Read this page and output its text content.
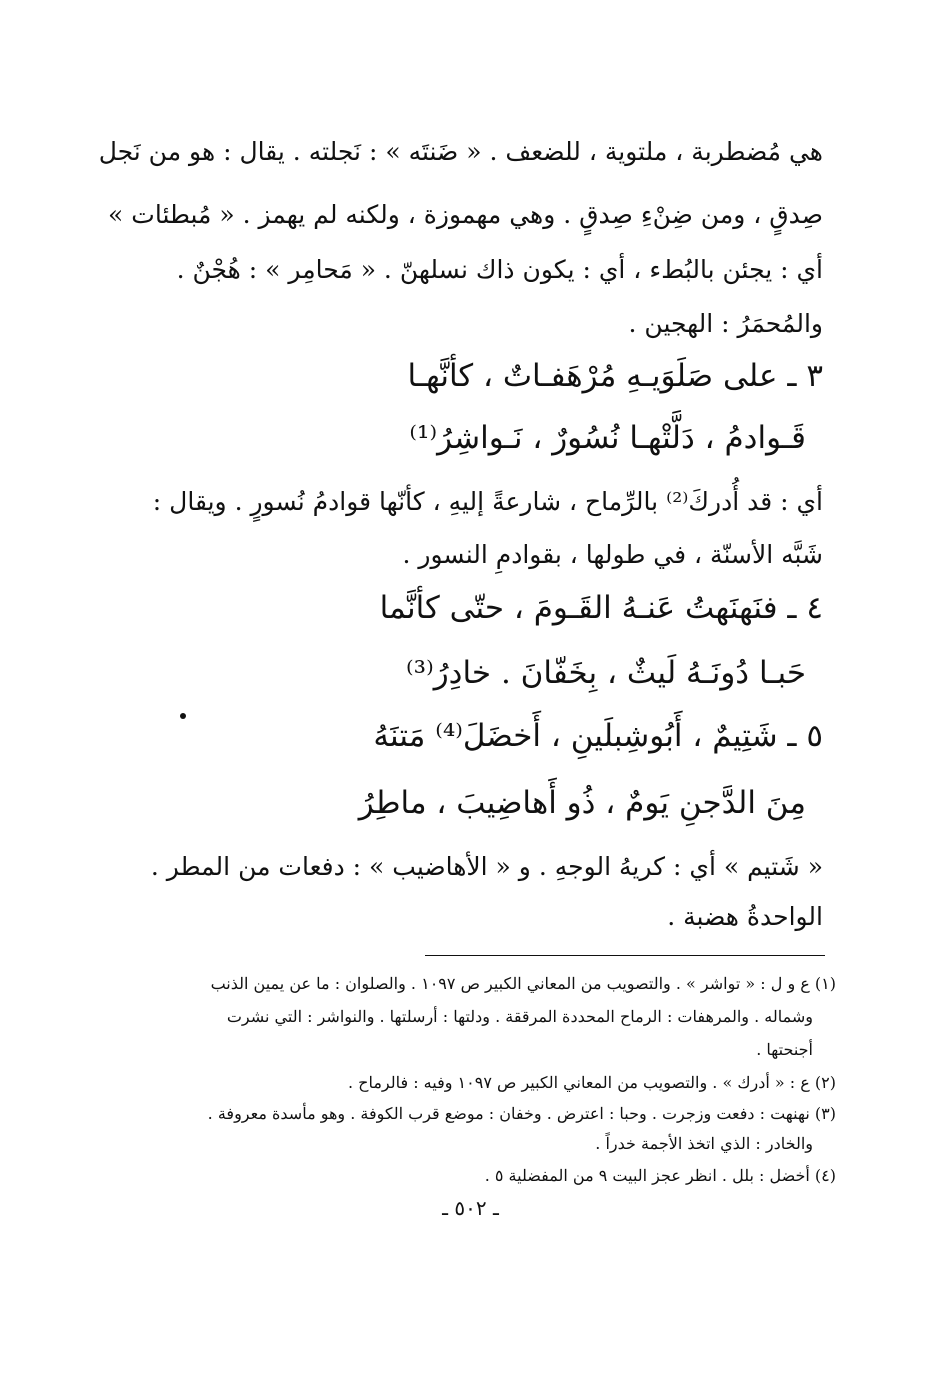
هي مُضطربة ، ملتوية ، للضعف . « ضَنتَه » : نَجلته . يقال : هو من نَجل
صِدقٍ ، ومن ضِنْءِ صِدقٍ . وهي مهموزة ، ولكنه لم يهمز . « مُبطئات »
أي : يجئن بالبُطء ، أي : يكون ذاك نسلهنّ . « مَحامِر » : هُجْنٌ .
والمُحمَرُ : الهجين .
٣ ـ على صَلَوَيـهِ مُرْهَفـاتٌ ، كأنَّهـا
قَـوادمُ ، دَلَّتْهـا نُسُورٌ ، نَـواشِرُ⁽¹⁾
أي : قد أُدركَ⁽²⁾ بالرِّماح ، شارعةً إليهِ ، كأنّها قوادمُ نُسورٍ . ويقال :
شَبَّه الأسنّة ، في طولها ، بقوادمِ النسور .
٤ ـ فنَهنَهتُ عَنـهُ القَـومَ ، حتّى كأنَّما
حَبـا دُونَـهُ لَيثٌ ، بِخَفّانَ . خادِرُ⁽³⁾
٥ ـ شَتِيمٌ ، أَبُوشِبلَينِ ، أَخضَلَ⁽⁴⁾ مَتنَهُ
مِنَ الدَّجنِ يَومٌ ، ذُو أَهاضِيبَ ، ماطِرُ
« شَتيم » أي : كريهُ الوجهِ . و « الأهاضيب » : دفعات من المطر .
الواحدةُ هضبة .
(١) ع و ل : « تواشر » . والتصويب من المعاني الكبير ص ١٠٩٧ . والصلوان : ما عن يمين الذنب
وشماله . والمرهفات : الرماح المحددة المرققة . ودلتها : أرسلتها . والنواشر : التي نشرت
أجنحتها .
(٢) ع : « أدرك » . والتصويب من المعاني الكبير ص ١٠٩٧ وفيه : فالرماح .
(٣) نهنهت : دفعت وزجرت . وحبا : اعترض . وخفان : موضع قرب الكوفة . وهو مأسدة معروفة .
والخادر : الذي اتخذ الأجمة خدراً .
(٤) أخضل : بلل . انظر عجز البيت ٩ من المفضلية ٥ .
ـ ٥٠٢ ـ
